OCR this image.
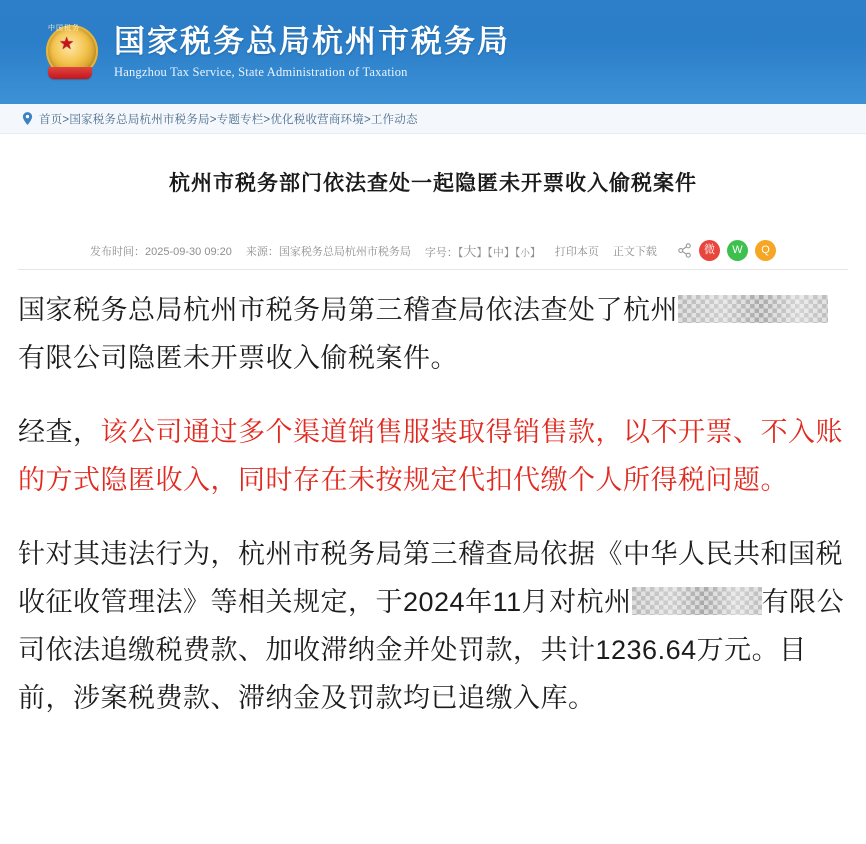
★
中国税务 国家税务总局杭州市税务局
Hangzhou Tax Service, State Administration of Taxation
首页>国家税务总局杭州市税务局>专题专栏>优化税收营商环境>工作动态
杭州市税务部门依法查处一起隐匿未开票收入偷税案件
发布时间：2025-09-30 09:20 来源：国家税务总局杭州市税务局 字号：【大】【中】【小】 打印本页 正文下载	微	W	Q

国家税务总局杭州市税务局第三稽查局依法查处了杭州有限公司隐匿未开票收入偷税案件。

经查，该公司通过多个渠道销售服装取得销售款，以不开票、不入账的方式隐匿收入，同时存在未按规定代扣代缴个人所得税问题。

针对其违法行为，杭州市税务局第三稽查局依据《中华人民共和国税收征收管理法》等相关规定，于2024年11月对杭州	有限公司依法追缴税费款、加收滞纳金并处罚款，共计1236.64万元。目前，涉案税费款、滞纳金及罚款均已追缴入库。
